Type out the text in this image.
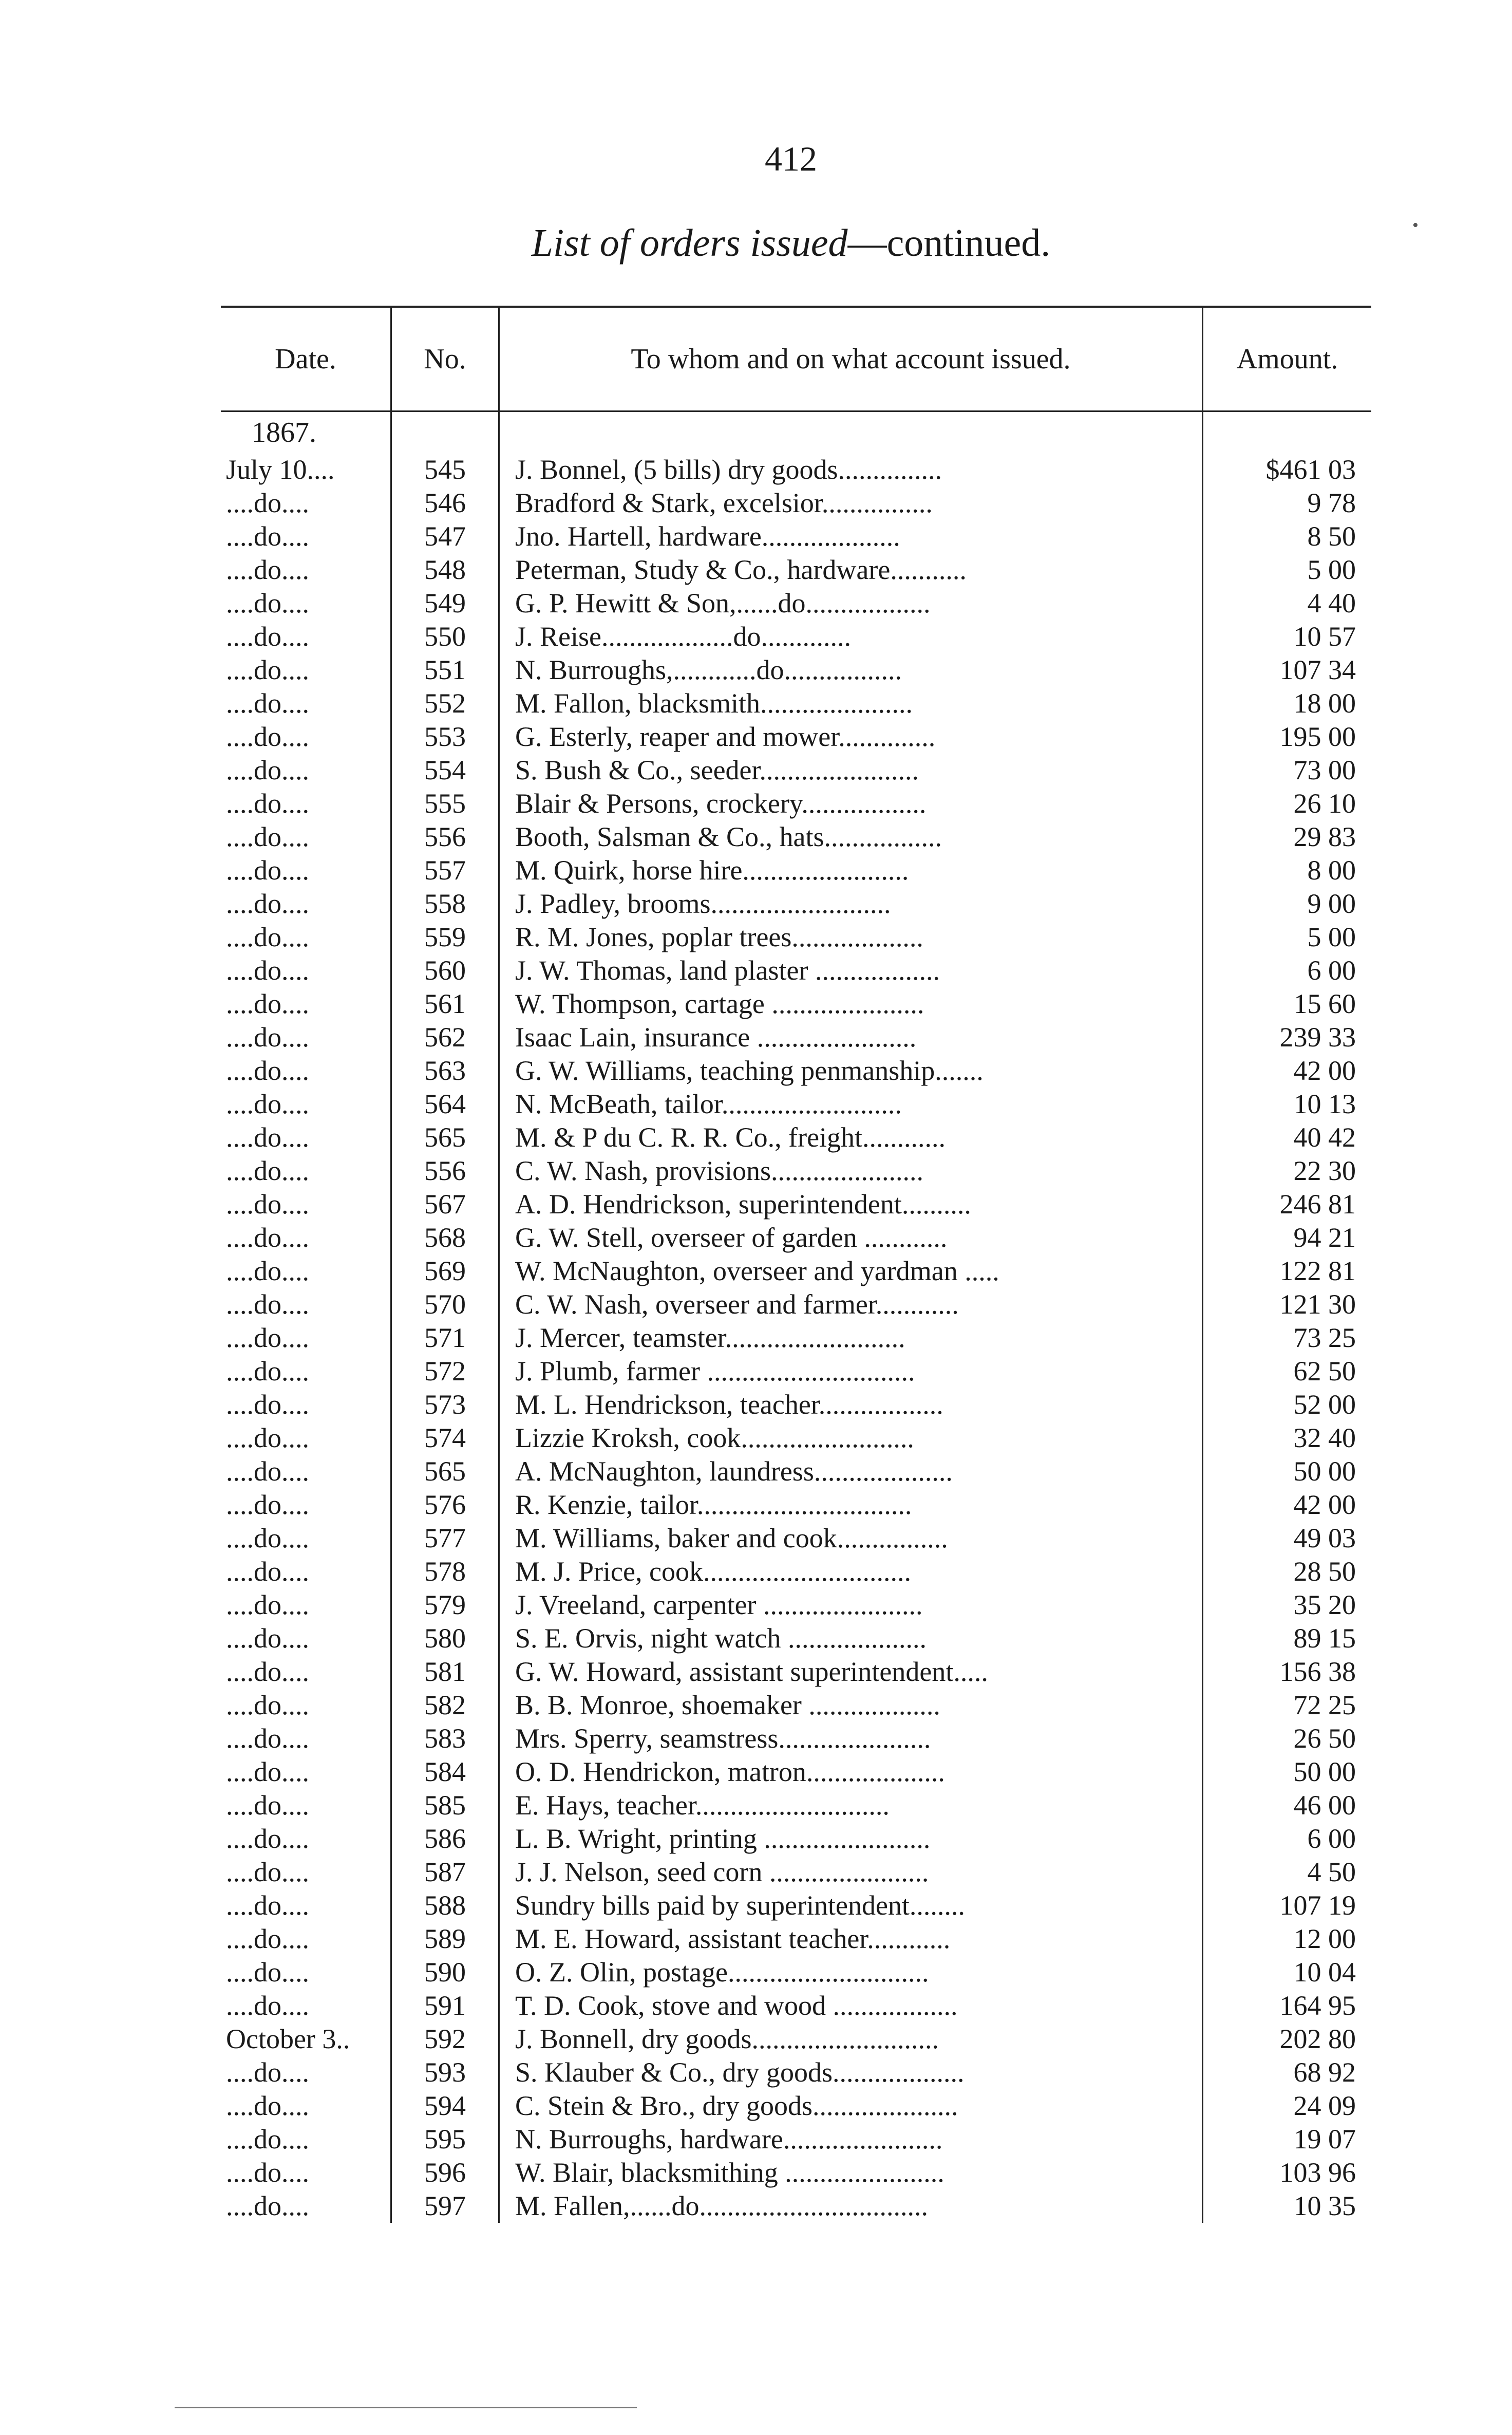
412
List of orders issued—continued.	•
Date.	No.	To whom and on what account issued.	Amount.
1867.
July 10....	545	J. Bonnel, (5 bills) dry goods...............	$461 03
....do....	546	Bradford & Stark, excelsior................	9 78
....do....	547	Jno. Hartell, hardware....................	8 50
....do....	548	Peterman, Study & Co., hardware...........	5 00
....do....	549	G. P. Hewitt & Son,......do..................	4 40
....do....	550	J. Reise...................do.............	10 57
....do....	551	N. Burroughs,............do.................	107 34
....do....	552	M. Fallon, blacksmith......................	18 00
....do....	553	G. Esterly, reaper and mower..............	195 00
....do....	554	S. Bush & Co., seeder.......................	73 00
....do....	555	Blair & Persons, crockery..................	26 10
....do....	556	Booth, Salsman & Co., hats.................	29 83
....do....	557	M. Quirk, horse hire........................	8 00
....do....	558	J. Padley, brooms..........................	9 00
....do....	559	R. M. Jones, poplar trees...................	5 00
....do....	560	J. W. Thomas, land plaster ..................	6 00
....do....	561	W. Thompson, cartage ......................	15 60
....do....	562	Isaac Lain, insurance .......................	239 33
....do....	563	G. W. Williams, teaching penmanship.......	42 00
....do....	564	N. McBeath, tailor..........................	10 13
....do....	565	M. & P du C. R. R. Co., freight............	40 42
....do....	556	C. W. Nash, provisions......................	22 30
....do....	567	A. D. Hendrickson, superintendent..........	246 81
....do....	568	G. W. Stell, overseer of garden ............	94 21
....do....	569	W. McNaughton, overseer and yardman .....	122 81
....do....	570	C. W. Nash, overseer and farmer............	121 30
....do....	571	J. Mercer, teamster..........................	73 25
....do....	572	J. Plumb, farmer ..............................	62 50
....do....	573	M. L. Hendrickson, teacher..................	52 00
....do....	574	Lizzie Kroksh, cook.........................	32 40
....do....	565	A. McNaughton, laundress....................	50 00
....do....	576	R. Kenzie, tailor...............................	42 00
....do....	577	M. Williams, baker and cook................	49 03
....do....	578	M. J. Price, cook..............................	28 50
....do....	579	J. Vreeland, carpenter .......................	35 20
....do....	580	S. E. Orvis, night watch ....................	89 15
....do....	581	G. W. Howard, assistant superintendent.....	156 38
....do....	582	B. B. Monroe, shoemaker ...................	72 25
....do....	583	Mrs. Sperry, seamstress......................	26 50
....do....	584	O. D. Hendrickon, matron....................	50 00
....do....	585	E. Hays, teacher............................	46 00
....do....	586	L. B. Wright, printing ........................	6 00
....do....	587	J. J. Nelson, seed corn .......................	4 50
....do....	588	Sundry bills paid by superintendent........	107 19
....do....	589	M. E. Howard, assistant teacher............	12 00
....do....	590	O. Z. Olin, postage.............................	10 04
....do....	591	T. D. Cook, stove and wood ..................	164 95
October 3..	592	J. Bonnell, dry goods...........................	202 80
....do....	593	S. Klauber & Co., dry goods...................	68 92
....do....	594	C. Stein & Bro., dry goods.....................	24 09
....do....	595	N. Burroughs, hardware.......................	19 07
....do....	596	W. Blair, blacksmithing .......................	103 96
....do....	597	M. Fallen,......do.................................	10 35
